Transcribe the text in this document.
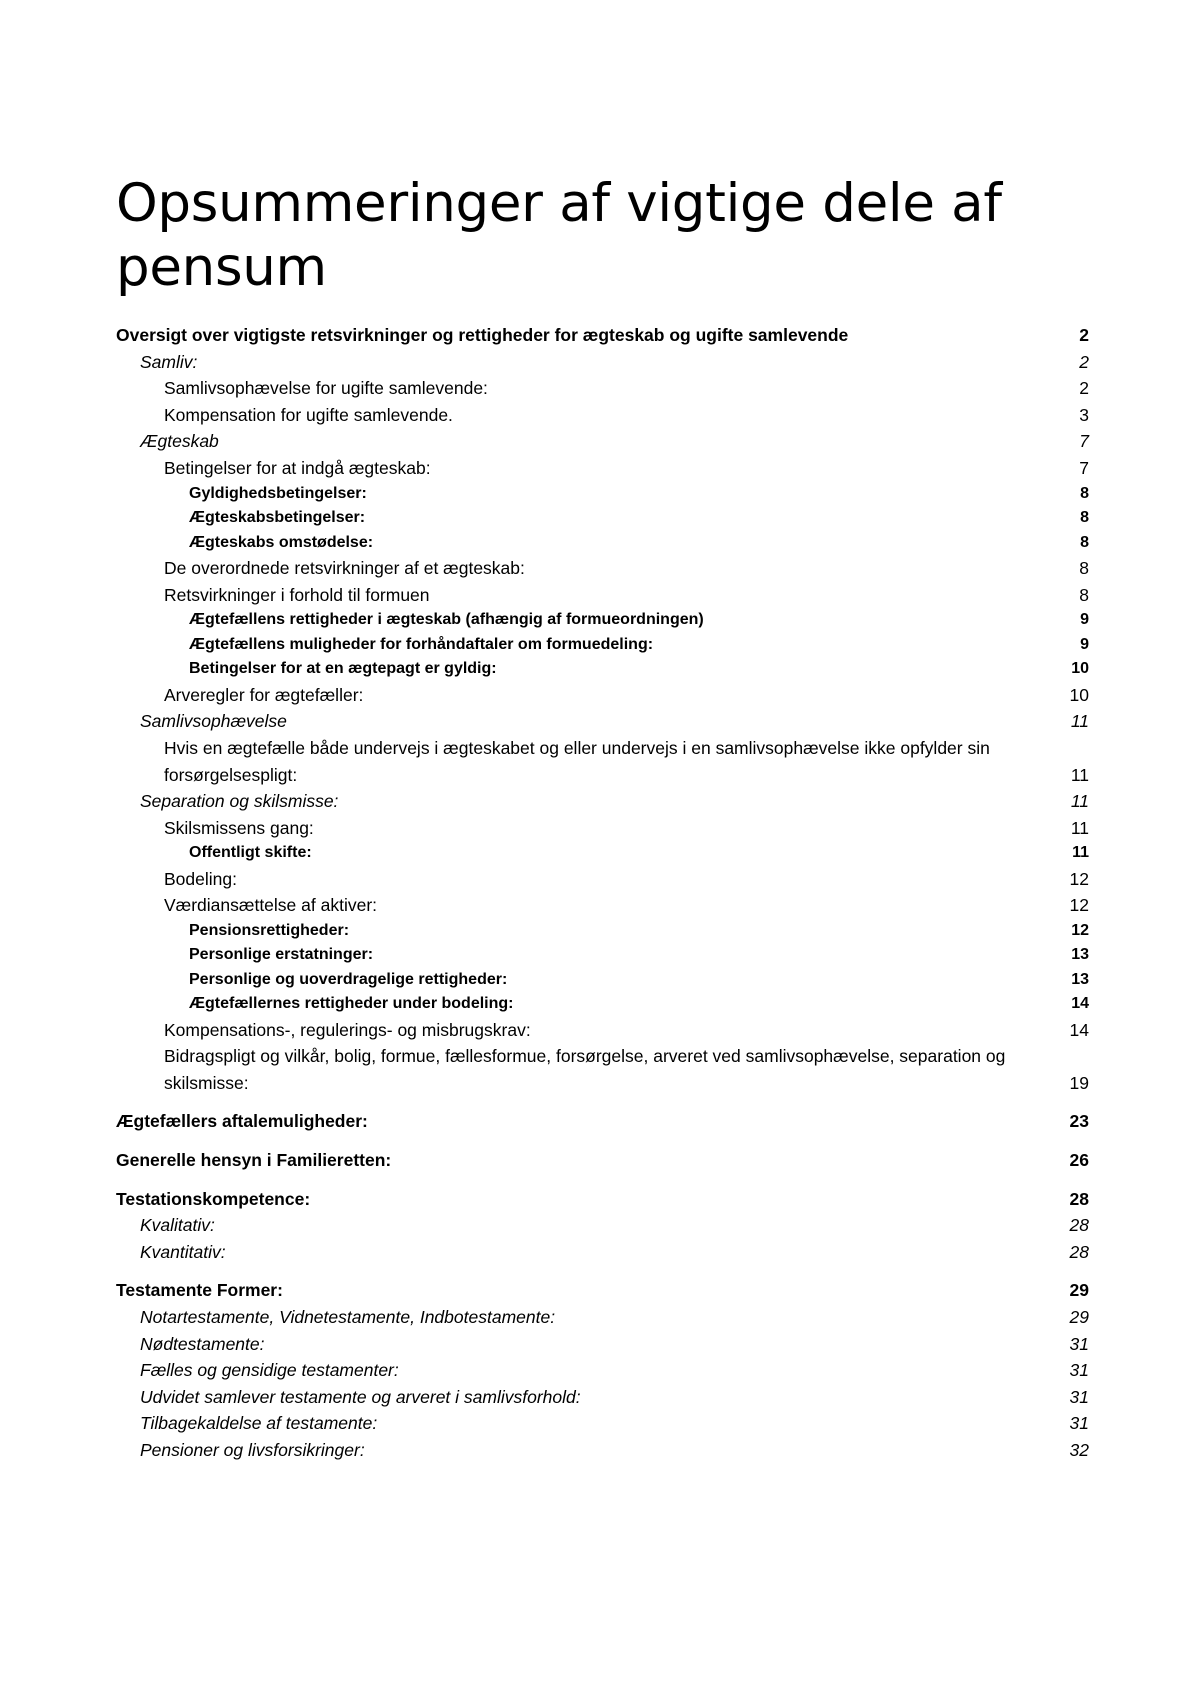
Opsummeringer af vigtige dele af pensum
Oversigt over vigtigste retsvirkninger og rettigheder for ægteskab og ugifte samlevende	2
Samliv:	2
Samlivsophævelse for ugifte samlevende:	2
Kompensation for ugifte samlevende.	3
Ægteskab	7
Betingelser for at indgå ægteskab:	7
Gyldighedsbetingelser:	8
Ægteskabsbetingelser:	8
Ægteskabs omstødelse:	8
De overordnede retsvirkninger af et ægteskab:	8
Retsvirkninger i forhold til formuen	8
Ægtefællens rettigheder i ægteskab (afhængig af formueordningen)	9
Ægtefællens muligheder for forhåndaftaler om formuedeling:	9
Betingelser for at en ægtepagt er gyldig:	10
Arveregler for ægtefæller:	10
Samlivsophævelse	11
Hvis en ægtefælle både undervejs i ægteskabet og eller undervejs i en samlivsophævelse ikke opfylder sin forsørgelsespligt:	11
Separation og skilsmisse:	11
Skilsmissens gang:	11
Offentligt skifte:	11
Bodeling:	12
Værdiansættelse af aktiver:	12
Pensionsrettigheder:	12
Personlige erstatninger:	13
Personlige og uoverdragelige rettigheder:	13
Ægtefællernes rettigheder under bodeling:	14
Kompensations-, regulerings- og misbrugskrav:	14
Bidragspligt og vilkår, bolig, formue, fællesformue, forsørgelse, arveret ved samlivsophævelse, separation og skilsmisse:	19
Ægtefællers aftalemuligheder:	23
Generelle hensyn i Familieretten:	26
Testationskompetence:	28
Kvalitativ:	28
Kvantitativ:	28
Testamente Former:	29
Notartestamente, Vidnetestamente, Indbotestamente:	29
Nødtestamente:	31
Fælles og gensidige testamenter:	31
Udvidet samlever testamente og arveret i samlivsforhold:	31
Tilbagekaldelse af testamente:	31
Pensioner og livsforsikringer:	32
